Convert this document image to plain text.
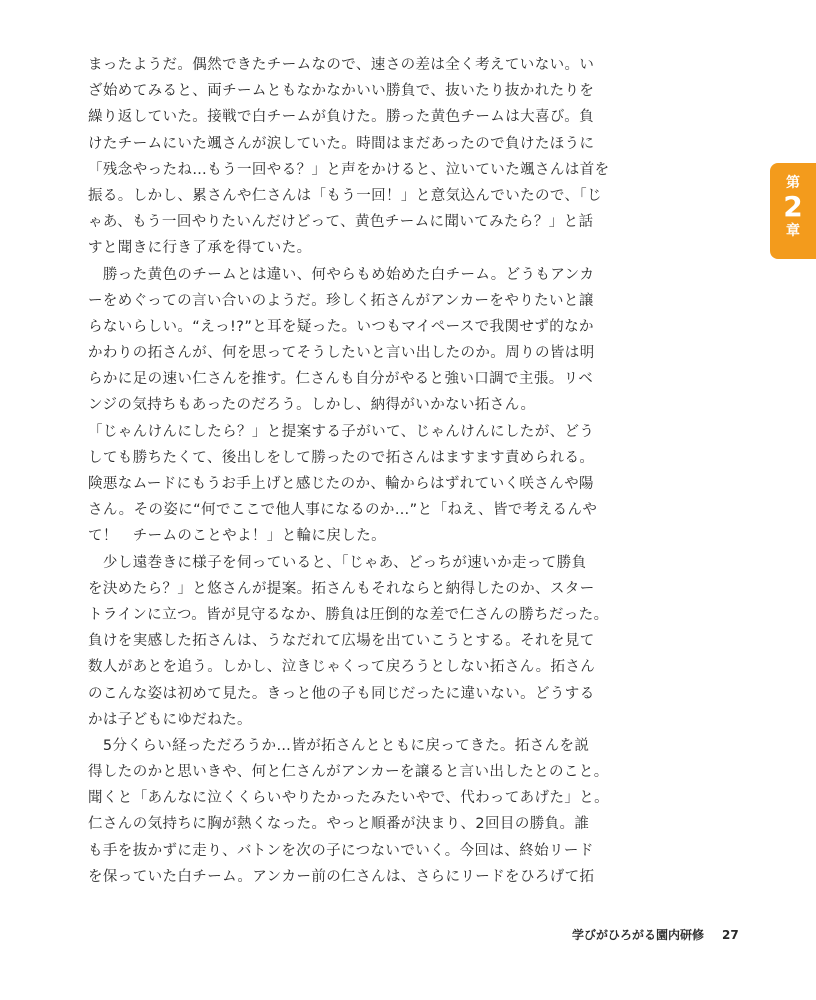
まったようだ。偶然できたチームなので、速さの差は全く考えていない。い
ざ始めてみると、両チームともなかなかいい勝負で、抜いたり抜かれたりを
繰り返していた。接戦で白チームが負けた。勝った黄色チームは大喜び。負
けたチームにいた颯さんが涙していた。時間はまだあったので負けたほうに
「残念やったね…もう一回やる？」と声をかけると、泣いていた颯さんは首を
振る。しかし、累さんや仁さんは「もう一回！」と意気込んでいたので、「じ
ゃあ、もう一回やりたいんだけどって、黄色チームに聞いてみたら？」と話
すと聞きに行き了承を得ていた。
　勝った黄色のチームとは違い、何やらもめ始めた白チーム。どうもアンカ
ーをめぐっての言い合いのようだ。珍しく拓さんがアンカーをやりたいと譲
らないらしい。“えっ!?”と耳を疑った。いつもマイペースで我関せず的なか
かわりの拓さんが、何を思ってそうしたいと言い出したのか。周りの皆は明
らかに足の速い仁さんを推す。仁さんも自分がやると強い口調で主張。リベ
ンジの気持ちもあったのだろう。しかし、納得がいかない拓さん。
「じゃんけんにしたら？」と提案する子がいて、じゃんけんにしたが、どう
しても勝ちたくて、後出しをして勝ったので拓さんはますます責められる。
険悪なムードにもうお手上げと感じたのか、輪からはずれていく咲さんや陽
さん。その姿に“何でここで他人事になるのか…”と「ねえ、皆で考えるんや
て！　チームのことやよ！」と輪に戻した。
　少し遠巻きに様子を伺っていると、「じゃあ、どっちが速いか走って勝負
を決めたら？」と悠さんが提案。拓さんもそれならと納得したのか、スター
トラインに立つ。皆が見守るなか、勝負は圧倒的な差で仁さんの勝ちだった。
負けを実感した拓さんは、うなだれて広場を出ていこうとする。それを見て
数人があとを追う。しかし、泣きじゃくって戻ろうとしない拓さん。拓さん
のこんな姿は初めて見た。きっと他の子も同じだったに違いない。どうする
かは子どもにゆだねた。
　5分くらい経っただろうか…皆が拓さんとともに戻ってきた。拓さんを説
得したのかと思いきや、何と仁さんがアンカーを譲ると言い出したとのこと。
聞くと「あんなに泣くくらいやりたかったみたいやで、代わってあげた」と。
仁さんの気持ちに胸が熱くなった。やっと順番が決まり、2回目の勝負。誰
も手を抜かずに走り、バトンを次の子につないでいく。今回は、終始リード
を保っていた白チーム。アンカー前の仁さんは、さらにリードをひろげて拓
第
2
章
学びがひろがる園内研修 27
